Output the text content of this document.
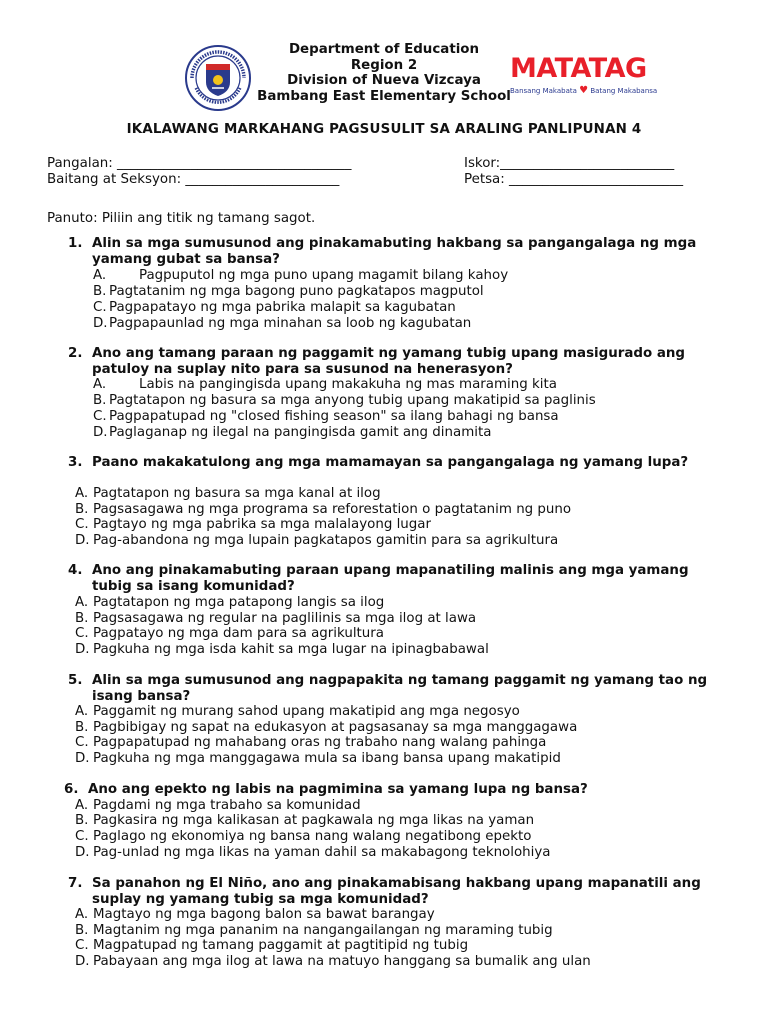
Department of Education
Region 2
Division of Nueva Vizcaya
Bambang East Elementary School
MATATAG
Bansang Makabata ♥ Batang Makabansa
IKALAWANG MARKAHANG PAGSUSULIT SA ARALING PANLIPUNAN 4
Pangalan: ___________________________________	Iskor:__________________________
Baitang at Seksyon: _______________________	Petsa: __________________________
Panuto: Piliin ang titik ng tamang sagot.
1. Alin sa mga sumusunod ang pinakamabuting hakbang sa pangangalaga ng mga yamang gubat sa bansa?
A. Pagpuputol ng mga puno upang magamit bilang kahoy
B. Pagtatanim ng mga bagong puno pagkatapos magputol
C. Pagpapatayo ng mga pabrika malapit sa kagubatan
D.Pagpapaunlad ng mga minahan sa loob ng kagubatan
2. Ano ang tamang paraan ng paggamit ng yamang tubig upang masigurado ang patuloy na suplay nito para sa susunod na henerasyon?
A. Labis na pangingisda upang makakuha ng mas maraming kita
B. Pagtatapon ng basura sa mga anyong tubig upang makatipid sa paglinis
C. Pagpapatupad ng "closed fishing season" sa ilang bahagi ng bansa
D.Paglaganap ng ilegal na pangingisda gamit ang dinamita
3. Paano makakatulong ang mga mamamayan sa pangangalaga ng yamang lupa?
A. Pagtatapon ng basura sa mga kanal at ilog
B. Pagsasagawa ng mga programa sa reforestation o pagtatanim ng puno
C. Pagtayo ng mga pabrika sa mga malalayong lugar
D. Pag-abandona ng mga lupain pagkatapos gamitin para sa agrikultura
4. Ano ang pinakamabuting paraan upang mapanatiling malinis ang mga yamang tubig sa isang komunidad?
A. Pagtatapon ng mga patapong langis sa ilog
B. Pagsasagawa ng regular na paglilinis sa mga ilog at lawa
C. Pagpatayo ng mga dam para sa agrikultura
D. Pagkuha ng mga isda kahit sa mga lugar na ipinagbabawal
5. Alin sa mga sumusunod ang nagpapakita ng tamang paggamit ng yamang tao ng isang bansa?
A. Paggamit ng murang sahod upang makatipid ang mga negosyo
B. Pagbibigay ng sapat na edukasyon at pagsasanay sa mga manggagawa
C. Pagpapatupad ng mahabang oras ng trabaho nang walang pahinga
D. Pagkuha ng mga manggagawa mula sa ibang bansa upang makatipid
6. Ano ang epekto ng labis na pagmimina sa yamang lupa ng bansa?
A. Pagdami ng mga trabaho sa komunidad
B. Pagkasira ng mga kalikasan at pagkawala ng mga likas na yaman
C. Paglago ng ekonomiya ng bansa nang walang negatibong epekto
D. Pag-unlad ng mga likas na yaman dahil sa makabagong teknolohiya
7. Sa panahon ng El Niño, ano ang pinakamabisang hakbang upang mapanatili ang suplay ng yamang tubig sa mga komunidad?
A. Magtayo ng mga bagong balon sa bawat barangay
B. Magtanim ng mga pananim na nangangailangan ng maraming tubig
C. Magpatupad ng tamang paggamit at pagtitipid ng tubig
D. Pabayaan ang mga ilog at lawa na matuyo hanggang sa bumalik ang ulan
